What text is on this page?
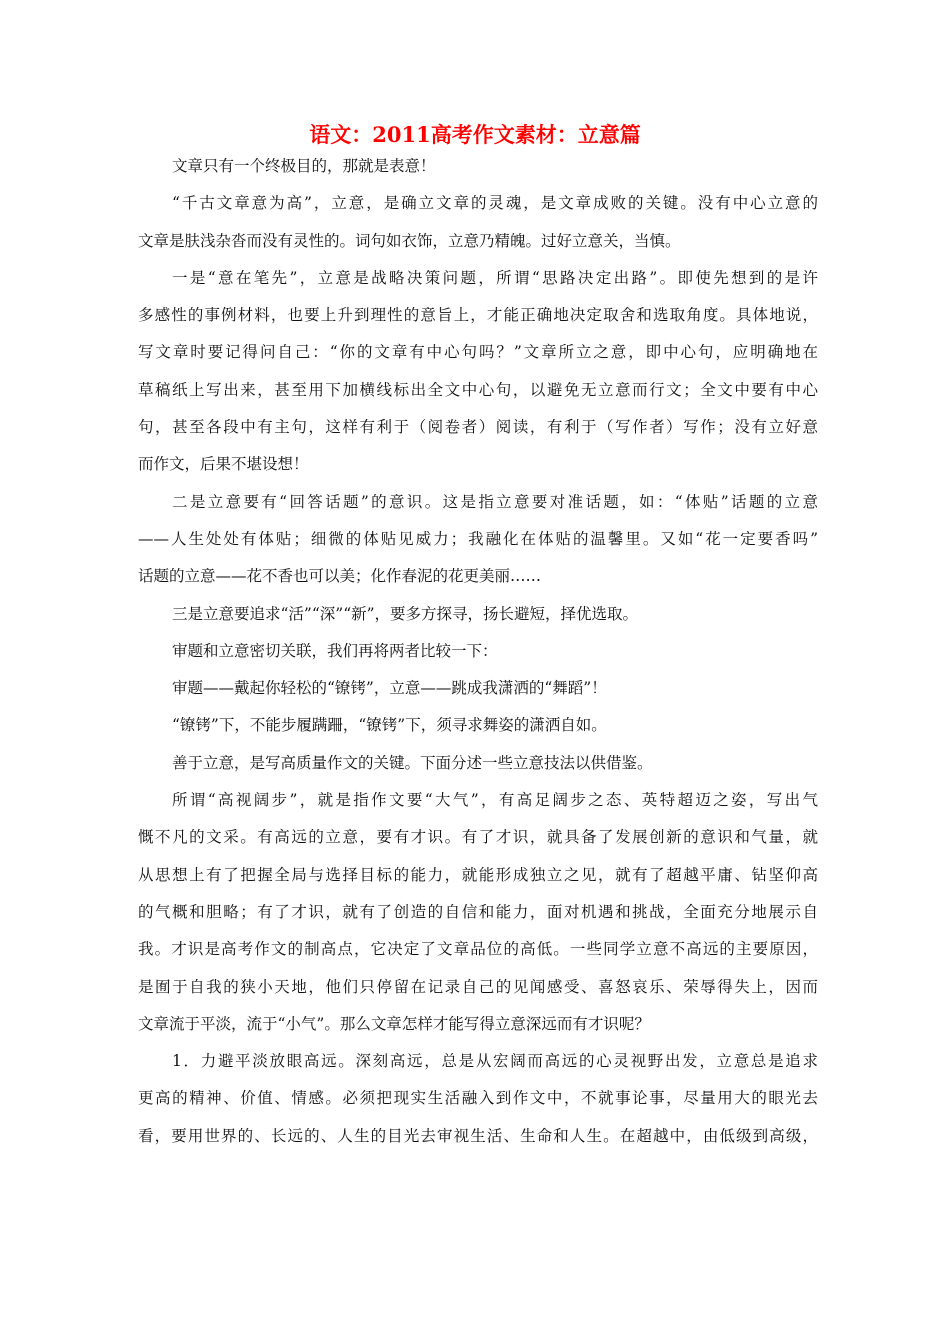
语文：2011高考作文素材：立意篇
文章只有一个终极目的，那就是表意！
“千古文章意为高”，立意，是确立文章的灵魂，是文章成败的关键。没有中心立意的
文章是肤浅杂沓而没有灵性的。词句如衣饰，立意乃精魄。过好立意关，当慎。
一是“意在笔先”，立意是战略决策问题，所谓“思路决定出路”。即使先想到的是许
多感性的事例材料，也要上升到理性的意旨上，才能正确地决定取舍和选取角度。具体地说，
写文章时要记得问自己：“你的文章有中心句吗？”文章所立之意，即中心句，应明确地在
草稿纸上写出来，甚至用下加横线标出全文中心句，以避免无立意而行文；全文中要有中心
句，甚至各段中有主句，这样有利于（阅卷者）阅读，有利于（写作者）写作；没有立好意
而作文，后果不堪设想！
二是立意要有“回答话题”的意识。这是指立意要对准话题，如：“体贴”话题的立意
——人生处处有体贴；细微的体贴见威力；我融化在体贴的温馨里。又如“花一定要香吗”
话题的立意——花不香也可以美；化作春泥的花更美丽……
三是立意要追求“活”“深”“新”，要多方探寻，扬长避短，择优选取。
审题和立意密切关联，我们再将两者比较一下：
审题——戴起你轻松的“镣铐”，立意——跳成我潇洒的“舞蹈”！
“镣铐”下，不能步履蹒跚，“镣铐”下，须寻求舞姿的潇洒自如。
善于立意，是写高质量作文的关键。下面分述一些立意技法以供借鉴。
所谓“高视阔步”，就是指作文要“大气”，有高足阔步之态、英特超迈之姿，写出气
慨不凡的文采。有高远的立意，要有才识。有了才识，就具备了发展创新的意识和气量，就
从思想上有了把握全局与选择目标的能力，就能形成独立之见，就有了超越平庸、钻坚仰高
的气概和胆略；有了才识，就有了创造的自信和能力，面对机遇和挑战，全面充分地展示自
我。才识是高考作文的制高点，它决定了文章品位的高低。一些同学立意不高远的主要原因，
是囿于自我的狭小天地，他们只停留在记录自己的见闻感受、喜怒哀乐、荣辱得失上，因而
文章流于平淡，流于“小气”。那么文章怎样才能写得立意深远而有才识呢？
1．力避平淡放眼高远。深刻高远，总是从宏阔而高远的心灵视野出发，立意总是追求
更高的精神、价值、情感。必须把现实生活融入到作文中，不就事论事，尽量用大的眼光去
看，要用世界的、长远的、人生的目光去审视生活、生命和人生。在超越中，由低级到高级，
